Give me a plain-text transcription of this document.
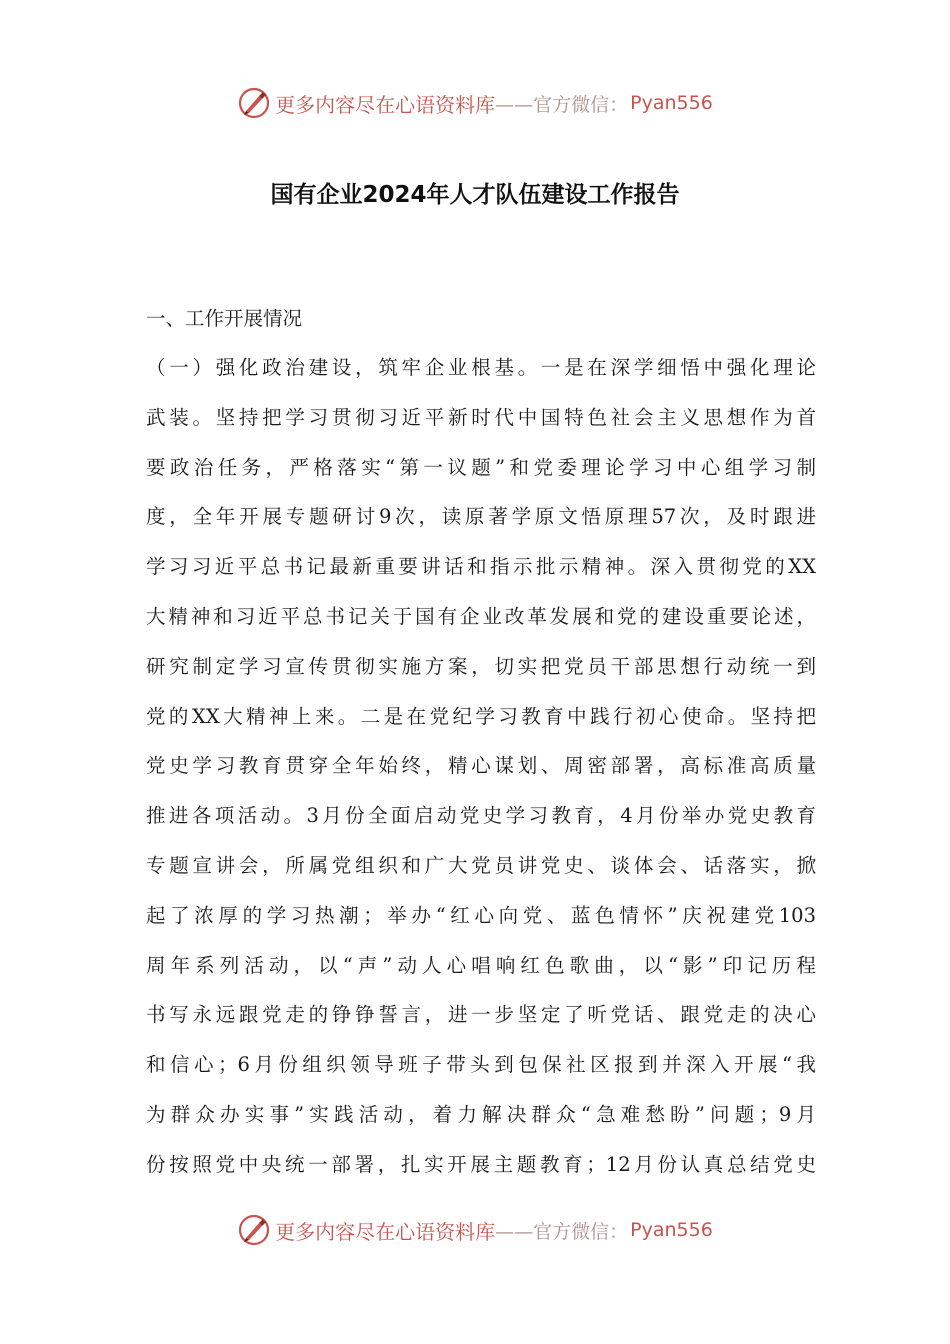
更多内容尽在心语资料库 ——官方微信： Pyan556
国有企业2024年人才队伍建设工作报告

一、工作开展情况

（一）强化政治建设，筑牢企业根基。一是在深学细悟中强化理论
武装。坚持把学习贯彻习近平新时代中国特色社会主义思想作为首
要政治任务，严格落实“第一议题”和党委理论学习中心组学习制
度，全年开展专题研讨9次，读原著学原文悟原理57次，及时跟进
学习习近平总书记最新重要讲话和指示批示精神。深入贯彻党的XX
大精神和习近平总书记关于国有企业改革发展和党的建设重要论述，
研究制定学习宣传贯彻实施方案，切实把党员干部思想行动统一到
党的XX大精神上来。二是在党纪学习教育中践行初心使命。坚持把
党史学习教育贯穿全年始终，精心谋划、周密部署，高标准高质量
推进各项活动。3月份全面启动党史学习教育，4月份举办党史教育
专题宣讲会，所属党组织和广大党员讲党史、谈体会、话落实，掀
起了浓厚的学习热潮；举办“红心向党、蓝色情怀”庆祝建党103
周年系列活动，以“声”动人心唱响红色歌曲，以“影”印记历程
书写永远跟党走的铮铮誓言，进一步坚定了听党话、跟党走的决心
和信心；6月份组织领导班子带头到包保社区报到并深入开展“我
为群众办实事”实践活动，着力解决群众“急难愁盼”问题；9月
份按照党中央统一部署，扎实开展主题教育；12月份认真总结党史
更多内容尽在心语资料库 ——官方微信： Pyan556
